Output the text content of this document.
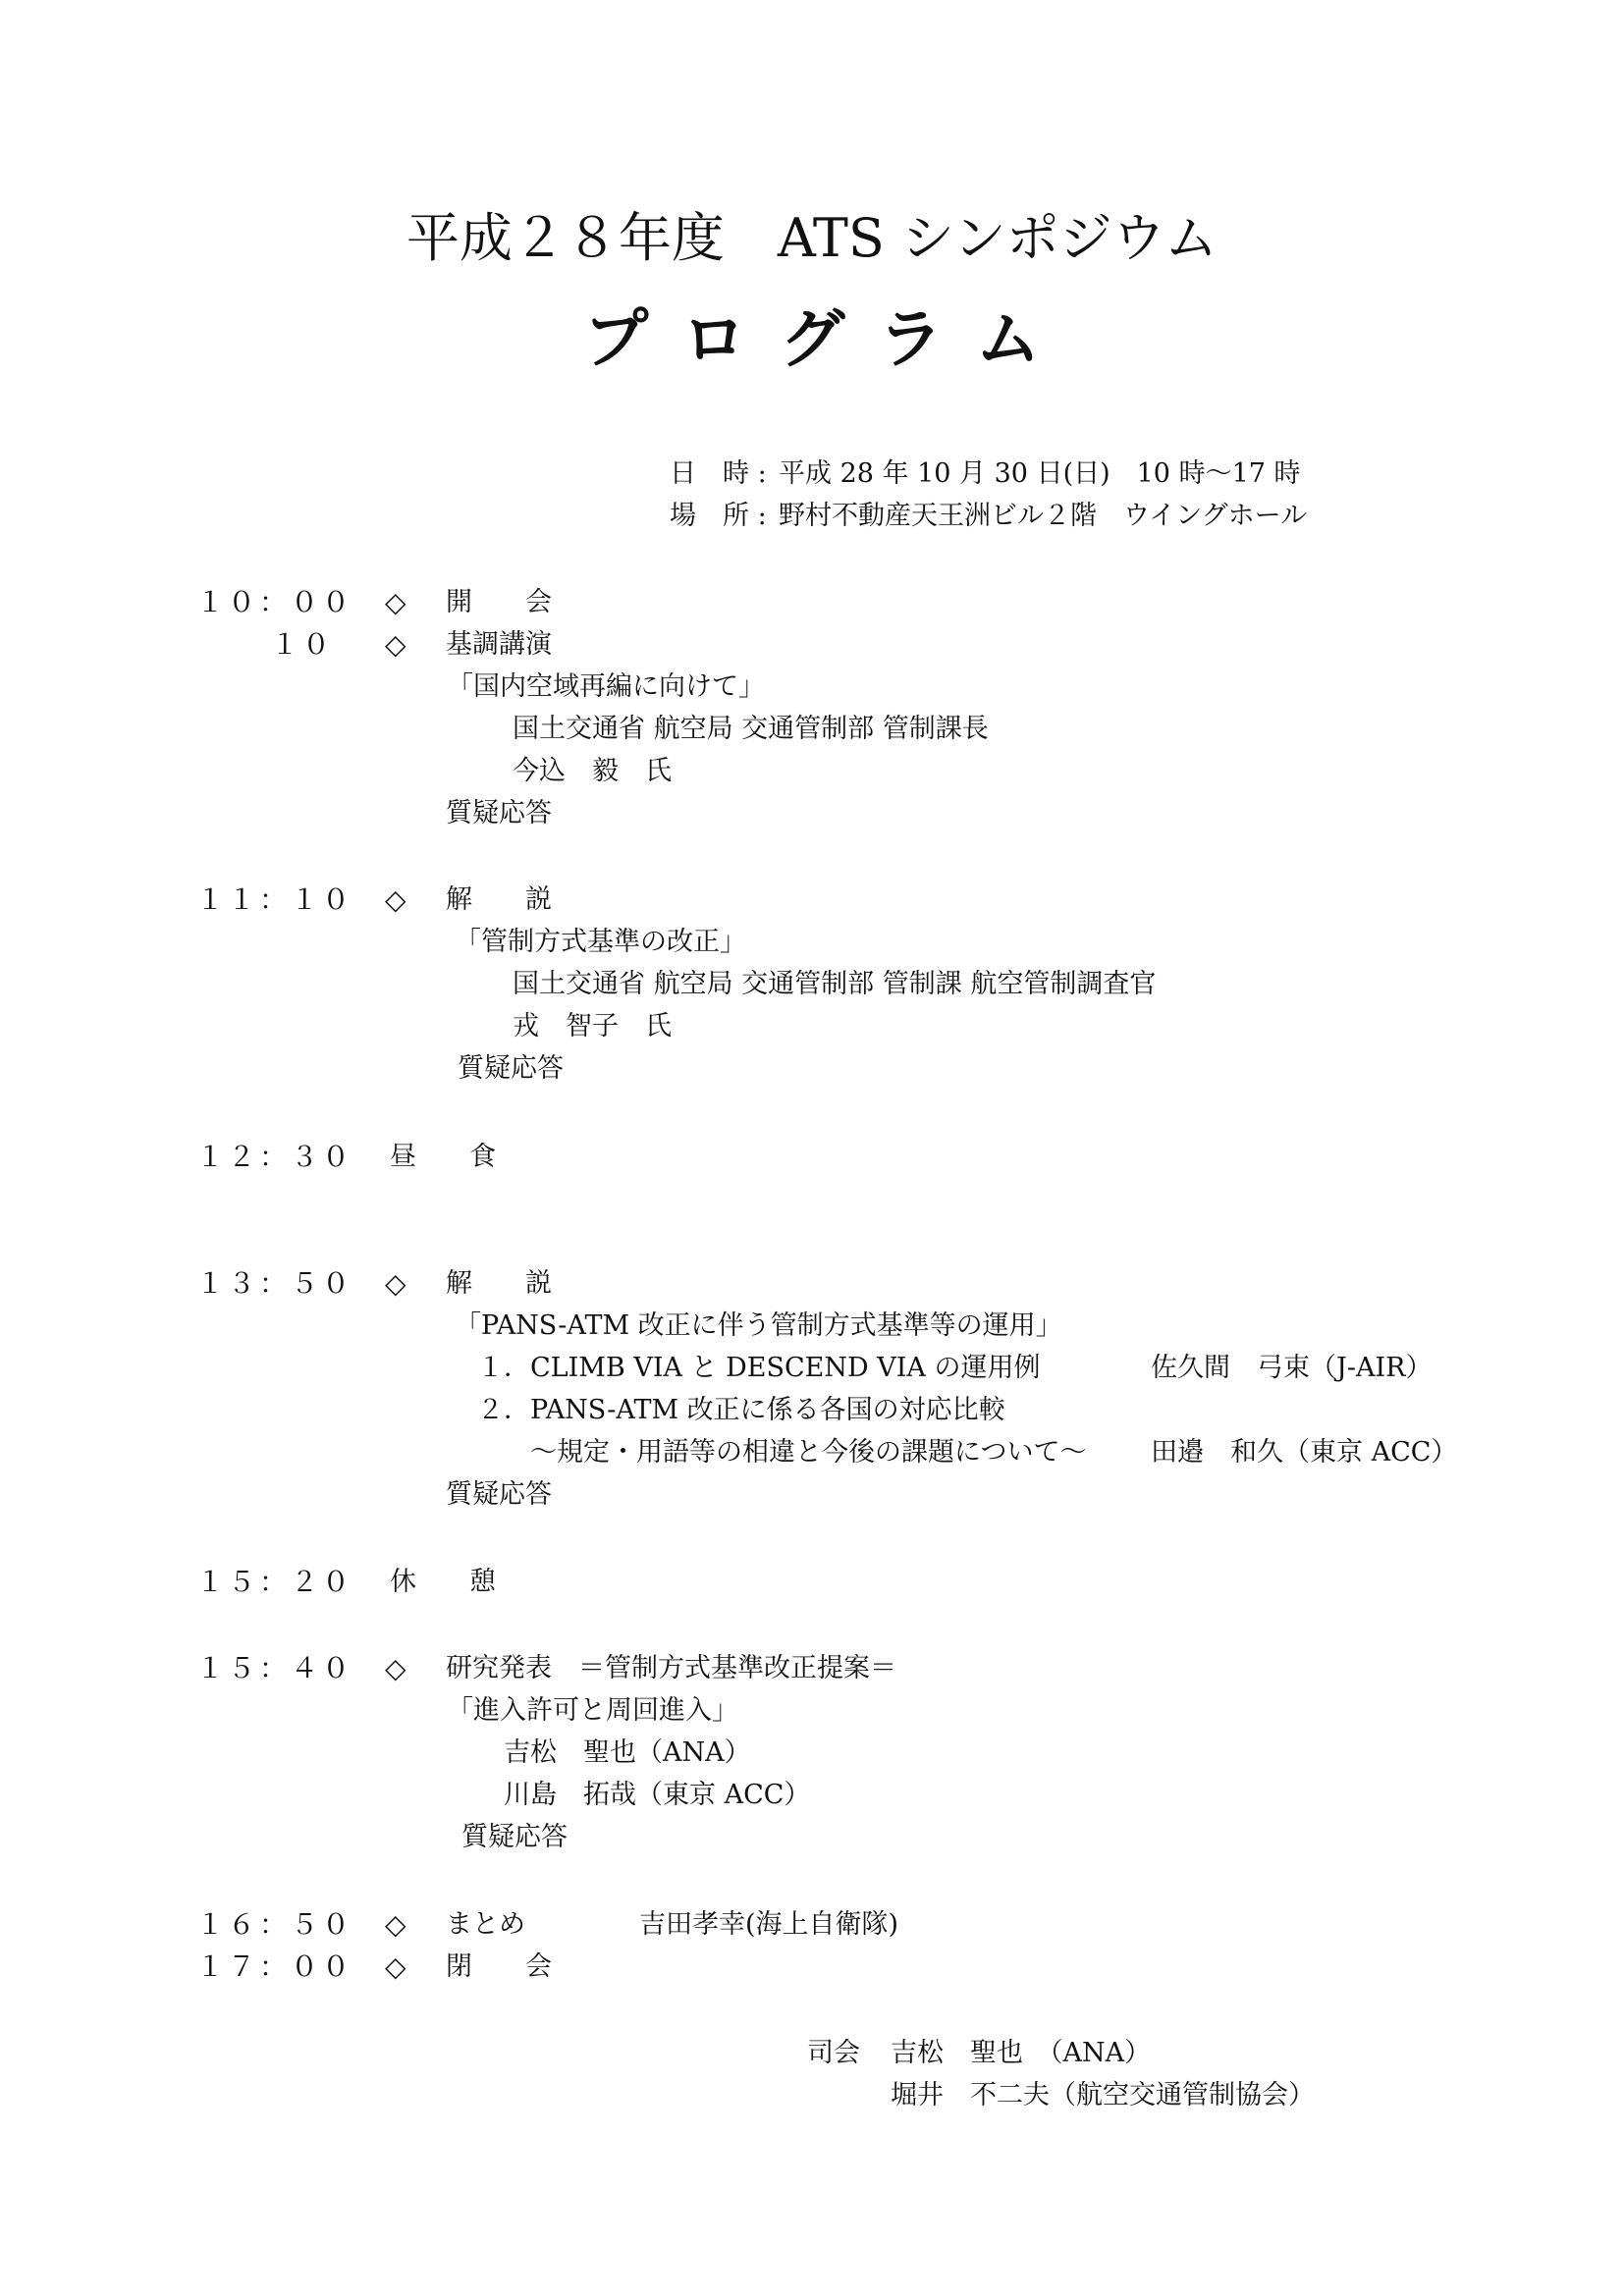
平成２８年度　ATS シンポジウム
プログラム
日　時 : 平成 28 年 10 月 30 日(日)　10 時～17 時
場　所 : 野村不動産天王洲ビル２階　ウイングホール
１０：００ ◇ 開　　会
１０ ◇ 基調講演
「国内空域再編に向けて」
国土交通省 航空局 交通管制部 管制課長
今込　毅　氏
質疑応答
１１：１０ ◇ 解　　説
「管制方式基準の改正」
国土交通省 航空局 交通管制部 管制課 航空管制調査官
戎　智子　氏
質疑応答
１２：３０ 昼　　食
１３：５０ ◇ 解　　説
「PANS-ATM 改正に伴う管制方式基準等の運用」
１．CLIMB VIA と DESCEND VIA の運用例	佐久間　弓束（J-AIR）
２．PANS-ATM 改正に係る各国の対応比較
～規定・用語等の相違と今後の課題について～ 田邉　和久（東京 ACC）
質疑応答
１５：２０ 休　　憩
１５：４０ ◇ 研究発表　＝管制方式基準改正提案＝
「進入許可と周回進入」
吉松　聖也（ANA）
川島　拓哉（東京 ACC）
質疑応答
１６：５０ ◇ まとめ	吉田孝幸(海上自衛隊)
１７：００ ◇ 閉　　会
司会 吉松　聖也　（ANA）
堀井　不二夫（航空交通管制協会）
